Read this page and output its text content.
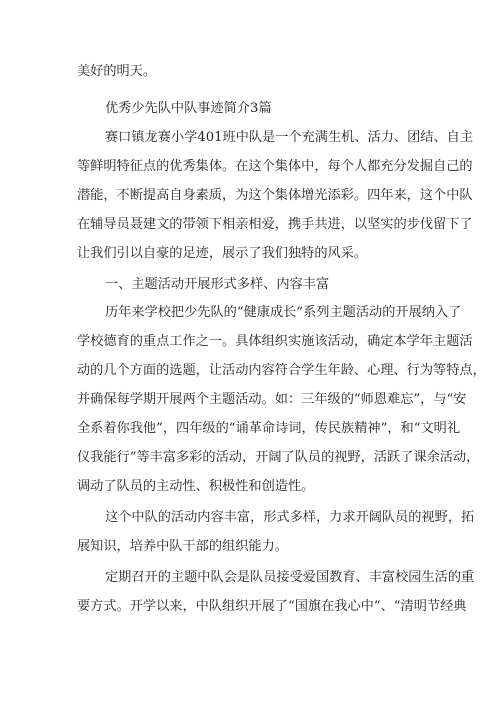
美好的明天。
优秀少先队中队事迹简介3篇
赛口镇龙赛小学401班中队是一个充满生机、活力、团结、自主
等鲜明特征点的优秀集体。在这个集体中，每个人都充分发掘自己的
潜能，不断提高自身素质，为这个集体增光添彩。四年来，这个中队
在辅导员聂建文的带领下相亲相爱，携手共进，以坚实的步伐留下了
让我们引以自豪的足迹，展示了我们独特的风采。
一、主题活动开展形式多样、内容丰富
历年来学校把少先队的“健康成长”系列主题活动的开展纳入了
学校德育的重点工作之一。具体组织实施该活动，确定本学年主题活
动的几个方面的选题，让活动内容符合学生年龄、心理、行为等特点，
并确保每学期开展两个主题活动。如：三年级的“师恩难忘”，与“安
全系着你我他”，四年级的“诵革命诗词，传民族精神”，和“文明礼
仪我能行”等丰富多彩的活动，开阔了队员的视野，活跃了课余活动，
调动了队员的主动性、积极性和创造性。
这个中队的活动内容丰富，形式多样，力求开阔队员的视野，拓
展知识，培养中队干部的组织能力。
定期召开的主题中队会是队员接受爱国教育、丰富校园生活的重
要方式。开学以来，中队组织开展了“国旗在我心中”、“清明节经典
